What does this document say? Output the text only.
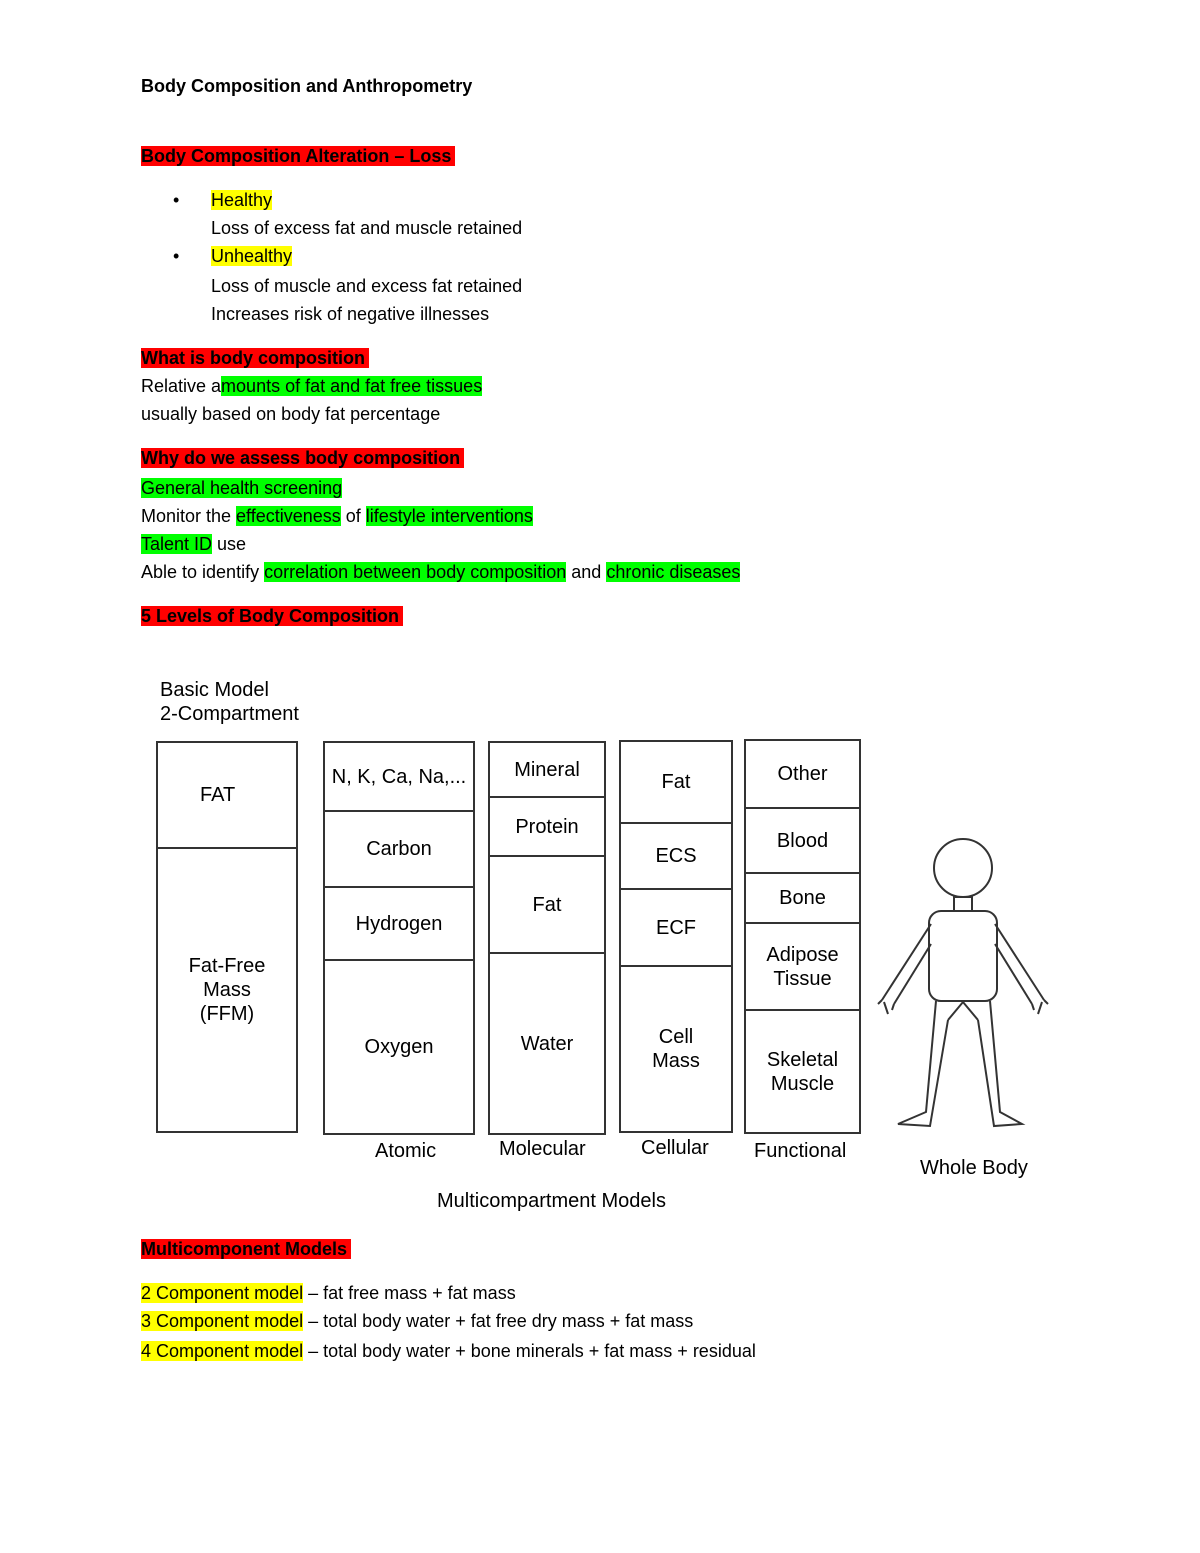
Body Composition and Anthropometry
Body Composition Alteration – Loss
• Healthy
Loss of excess fat and muscle retained
• Unhealthy
Loss of muscle and excess fat retained
Increases risk of negative illnesses
What is body composition
Relative amounts of fat and fat free tissues
usually based on body fat percentage
Why do we assess body composition
General health screening
Monitor the effectiveness of lifestyle interventions
Talent ID use
Able to identify correlation between body composition and chronic diseases
5 Levels of Body Composition
Basic Model
2-Compartment
FAT
Fat-Free
Mass
(FFM)
N, K, Ca, Na,...
Carbon
Hydrogen
Oxygen
Mineral
Protein
Fat
Water
Fat
ECS
ECF
Cell
Mass
Other
Blood
Bone
Adipose
Tissue
Skeletal
Muscle
Atomic	Molecular	Cellular Functional
Whole Body
Multicompartment Models
Multicomponent Models
2 Component model – fat free mass + fat mass
3 Component model – total body water + fat free dry mass + fat mass
4 Component model – total body water + bone minerals + fat mass + residual
